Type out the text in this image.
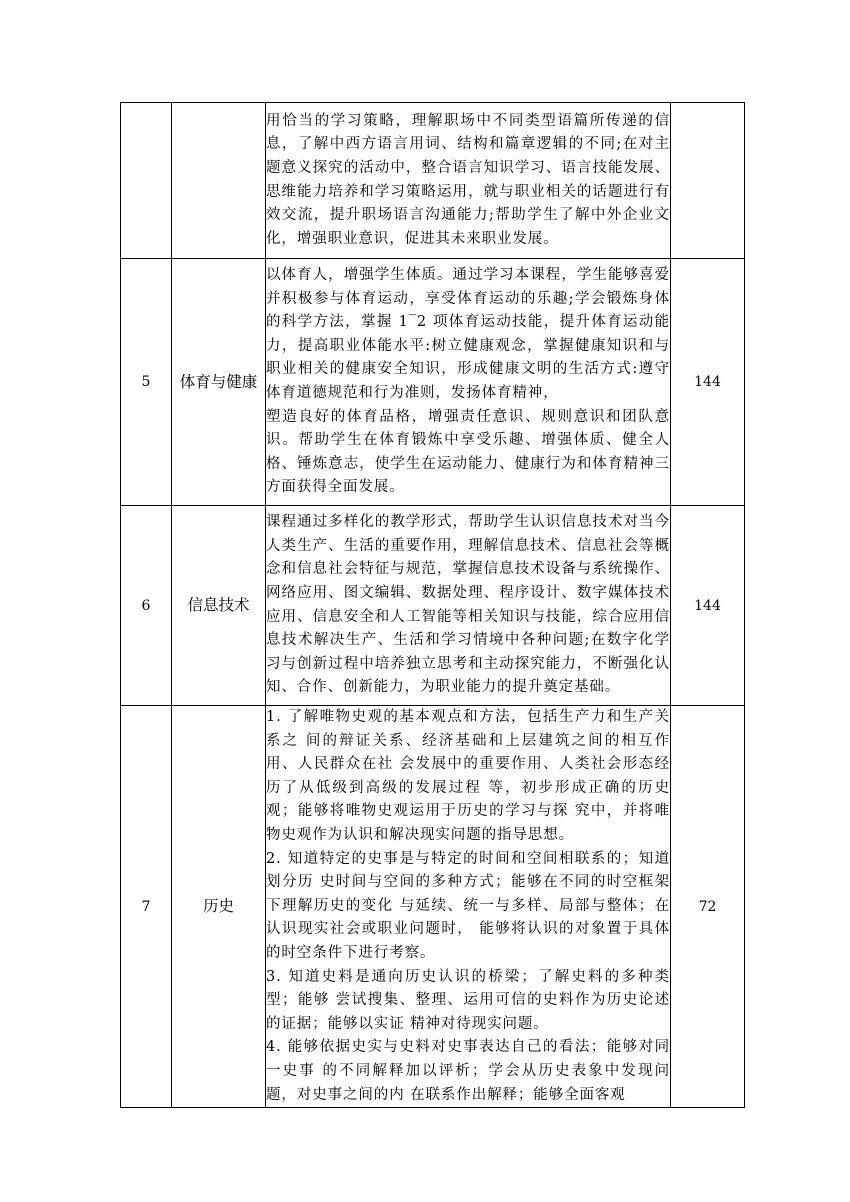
		用恰当的学习策略，理解职场中不同类型语篇所传递的信息，了解中西方语言用词、结构和篇章逻辑的不同;在对主题意义探究的活动中，整合语言知识学习、语言技能发展、思维能力培养和学习策略运用，就与职业相关的话题进行有效交流，提升职场语言沟通能力;帮助学生了解中外企业文化，增强职业意识，促进其未来职业发展。	

5	体育与健康	以体育人，增强学生体质。通过学习本课程，学生能够喜爱并积极参与体育运动，享受体育运动的乐趣;学会锻炼身体的科学方法，掌握 1‾2 项体育运动技能，提升体育运动能力，提高职业体能水平:树立健康观念，掌握健康知识和与职业相关的健康安全知识，形成健康文明的生活方式:遵守体育道德规范和行为准则，发扬体育精神，

塑造良好的体育品格，增强责任意识、规则意识和团队意识。帮助学生在体育锻炼中享受乐趣、增强体质、健全人格、锤炼意志，使学生在运动能力、健康行为和体育精神三方面获得全面发展。	144
6	信息技术	课程通过多样化的教学形式，帮助学生认识信息技术对当今人类生产、生活的重要作用，理解信息技术、信息社会等概念和信息社会特征与规范，掌握信息技术设备与系统操作、网络应用、图文编辑、数据处理、程序设计、数字媒体技术应用、信息安全和人工智能等相关知识与技能，综合应用信息技术解决生产、生活和学习情境中各种问题;在数字化学习与创新过程中培养独立思考和主动探究能力，不断强化认知、合作、创新能力，为职业能力的提升奠定基础。	144
7	历史	1. 了解唯物史观的基本观点和方法，包括生产力和生产关系之 间的辩证关系、经济基础和上层建筑之间的相互作用、人民群众在社 会发展中的重要作用、人类社会形态经历了从低级到高级的发展过程 等，初步形成正确的历史观；能够将唯物史观运用于历史的学习与探 究中，并将唯物史观作为认识和解决现实问题的指导思想。

2. 知道特定的史事是与特定的时间和空间相联系的；知道划分历 史时间与空间的多种方式；能够在不同的时空框架下理解历史的变化 与延续、统一与多样、局部与整体；在认识现实社会或职业问题时， 能够将认识的对象置于具体的时空条件下进行考察。

3. 知道史料是通向历史认识的桥梁；了解史料的多种类型；能够 尝试搜集、整理、运用可信的史料作为历史论述的证据；能够以实证 精神对待现实问题。

4. 能够依据史实与史料对史事表达自己的看法；能够对同一史事 的不同解释加以评析；学会从历史表象中发现问题，对史事之间的内 在联系作出解释；能够全面客观	72
